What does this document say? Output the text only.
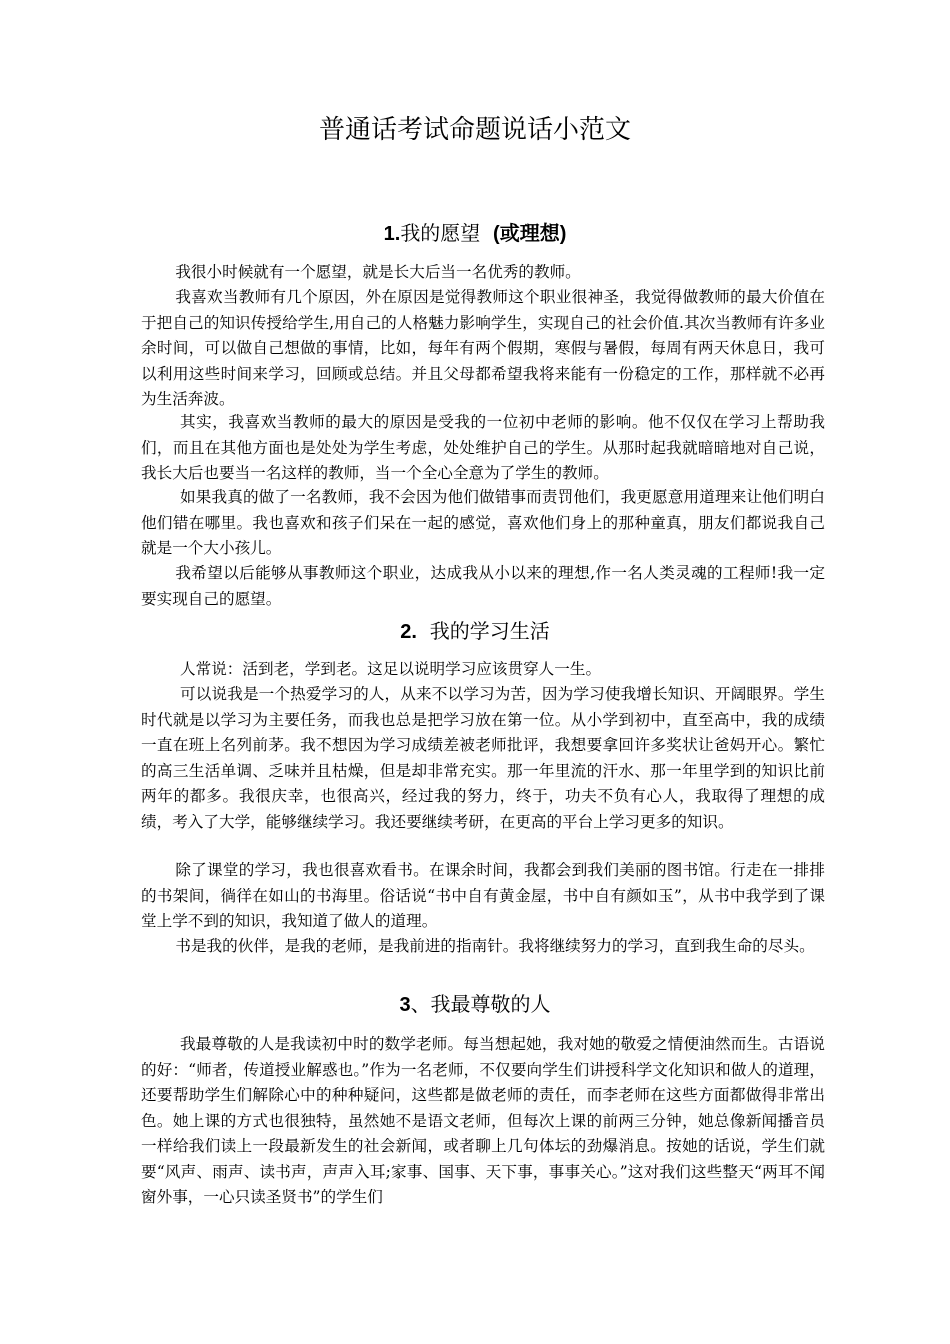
普通话考试命题说话小范文
1.我的愿望 (或理想)

我很小时候就有一个愿望，就是长大后当一名优秀的教师。

我喜欢当教师有几个原因，外在原因是觉得教师这个职业很神圣，我觉得做教师的最大价值在于把自己的知识传授给学生,用自己的人格魅力影响学生，实现自己的社会价值.其次当教师有许多业余时间，可以做自己想做的事情，比如，每年有两个假期，寒假与暑假，每周有两天休息日，我可以利用这些时间来学习，回顾或总结。并且父母都希望我将来能有一份稳定的工作，那样就不必再为生活奔波。

其实，我喜欢当教师的最大的原因是受我的一位初中老师的影响。他不仅仅在学习上帮助我们，而且在其他方面也是处处为学生考虑，处处维护自己的学生。从那时起我就暗暗地对自己说，我长大后也要当一名这样的教师，当一个全心全意为了学生的教师。

如果我真的做了一名教师，我不会因为他们做错事而责罚他们，我更愿意用道理来让他们明白他们错在哪里。我也喜欢和孩子们呆在一起的感觉，喜欢他们身上的那种童真，朋友们都说我自己就是一个大小孩儿。

我希望以后能够从事教师这个职业，达成我从小以来的理想,作一名人类灵魂的工程师!我一定要实现自己的愿望。

2. 我的学习生活

人常说：活到老，学到老。这足以说明学习应该贯穿人一生。

可以说我是一个热爱学习的人，从来不以学习为苦，因为学习使我增长知识、开阔眼界。学生时代就是以学习为主要任务，而我也总是把学习放在第一位。从小学到初中，直至高中，我的成绩一直在班上名列前茅。我不想因为学习成绩差被老师批评，我想要拿回许多奖状让爸妈开心。繁忙的高三生活单调、乏味并且枯燥，但是却非常充实。那一年里流的汗水、那一年里学到的知识比前两年的都多。我很庆幸，也很高兴，经过我的努力，终于，功夫不负有心人，我取得了理想的成绩，考入了大学，能够继续学习。我还要继续考研，在更高的平台上学习更多的知识。

除了课堂的学习，我也很喜欢看书。在课余时间，我都会到我们美丽的图书馆。行走在一排排的书架间，徜徉在如山的书海里。俗话说“书中自有黄金屋，书中自有颜如玉”，从书中我学到了课堂上学不到的知识，我知道了做人的道理。

书是我的伙伴，是我的老师，是我前进的指南针。我将继续努力的学习，直到我生命的尽头。

3、我最尊敬的人

我最尊敬的人是我读初中时的数学老师。每当想起她，我对她的敬爱之情便油然而生。古语说的好：“师者，传道授业解惑也。”作为一名老师，不仅要向学生们讲授科学文化知识和做人的道理，还要帮助学生们解除心中的种种疑问，这些都是做老师的责任，而李老师在这些方面都做得非常出色。她上课的方式也很独特，虽然她不是语文老师，但每次上课的前两三分钟，她总像新闻播音员一样给我们读上一段最新发生的社会新闻，或者聊上几句体坛的劲爆消息。按她的话说，学生们就要“风声、雨声、读书声，声声入耳;家事、国事、天下事，事事关心。”这对我们这些整天“两耳不闻窗外事，一心只读圣贤书”的学生们
